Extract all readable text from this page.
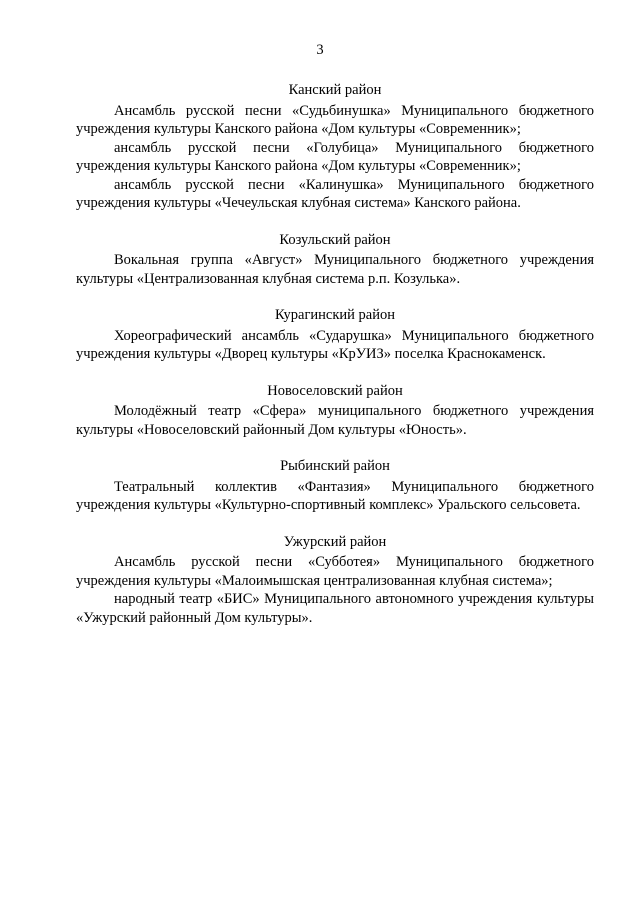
3

Канский район

Ансамбль русской песни «Судьбинушка» Муниципального бюджетного учреждения культуры Канского района «Дом культуры «Современник»;

ансамбль русской песни «Голубица» Муниципального бюджетного учреждения культуры Канского района «Дом культуры «Современник»;

ансамбль русской песни «Калинушка» Муниципального бюджетного учреждения культуры «Чечеульская клубная система» Канского района.

Козульский район

Вокальная группа «Август» Муниципального бюджетного учреждения культуры «Централизованная клубная система р.п. Козулька».

Курагинский район

Хореографический ансамбль «Сударушка» Муниципального бюджетного учреждения культуры «Дворец культуры «КрУИЗ» поселка Краснокаменск.

Новоселовский район

Молодёжный театр «Сфера» муниципального бюджетного учреждения культуры «Новоселовский районный Дом культуры «Юность».

Рыбинский район

Театральный коллектив «Фантазия» Муниципального бюджетного учреждения культуры «Культурно-спортивный комплекс» Уральского сельсовета.

Ужурский район

Ансамбль русской песни «Субботея» Муниципального бюджетного учреждения культуры «Малоимышская централизованная клубная система»;

народный театр «БИС» Муниципального автономного учреждения культуры «Ужурский районный Дом культуры».
